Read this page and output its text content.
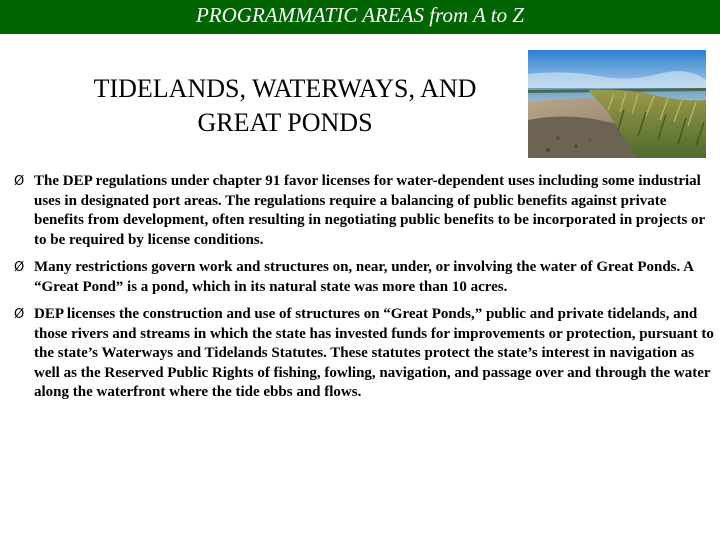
PROGRAMMATIC AREAS from A to Z
TIDELANDS, WATERWAYS, AND
GREAT PONDS
Ø The DEP regulations under chapter 91 favor licenses for water-dependent uses including some industrial uses in designated port areas. The regulations require a balancing of public benefits against private benefits from development, often resulting in negotiating public benefits to be incorporated in projects or to be required by license conditions.
Ø Many restrictions govern work and structures on, near, under, or involving the water of Great Ponds. A “Great Pond” is a pond, which in its natural state was more than 10 acres.
Ø DEP licenses the construction and use of structures on “Great Ponds,” public and private tidelands, and those rivers and streams in which the state has invested funds for improvements or protection, pursuant to the state’s Waterways and Tidelands Statutes. These statutes protect the state’s interest in navigation as well as the Reserved Public Rights of fishing, fowling, navigation, and passage over and through the water along the waterfront where the tide ebbs and flows.
